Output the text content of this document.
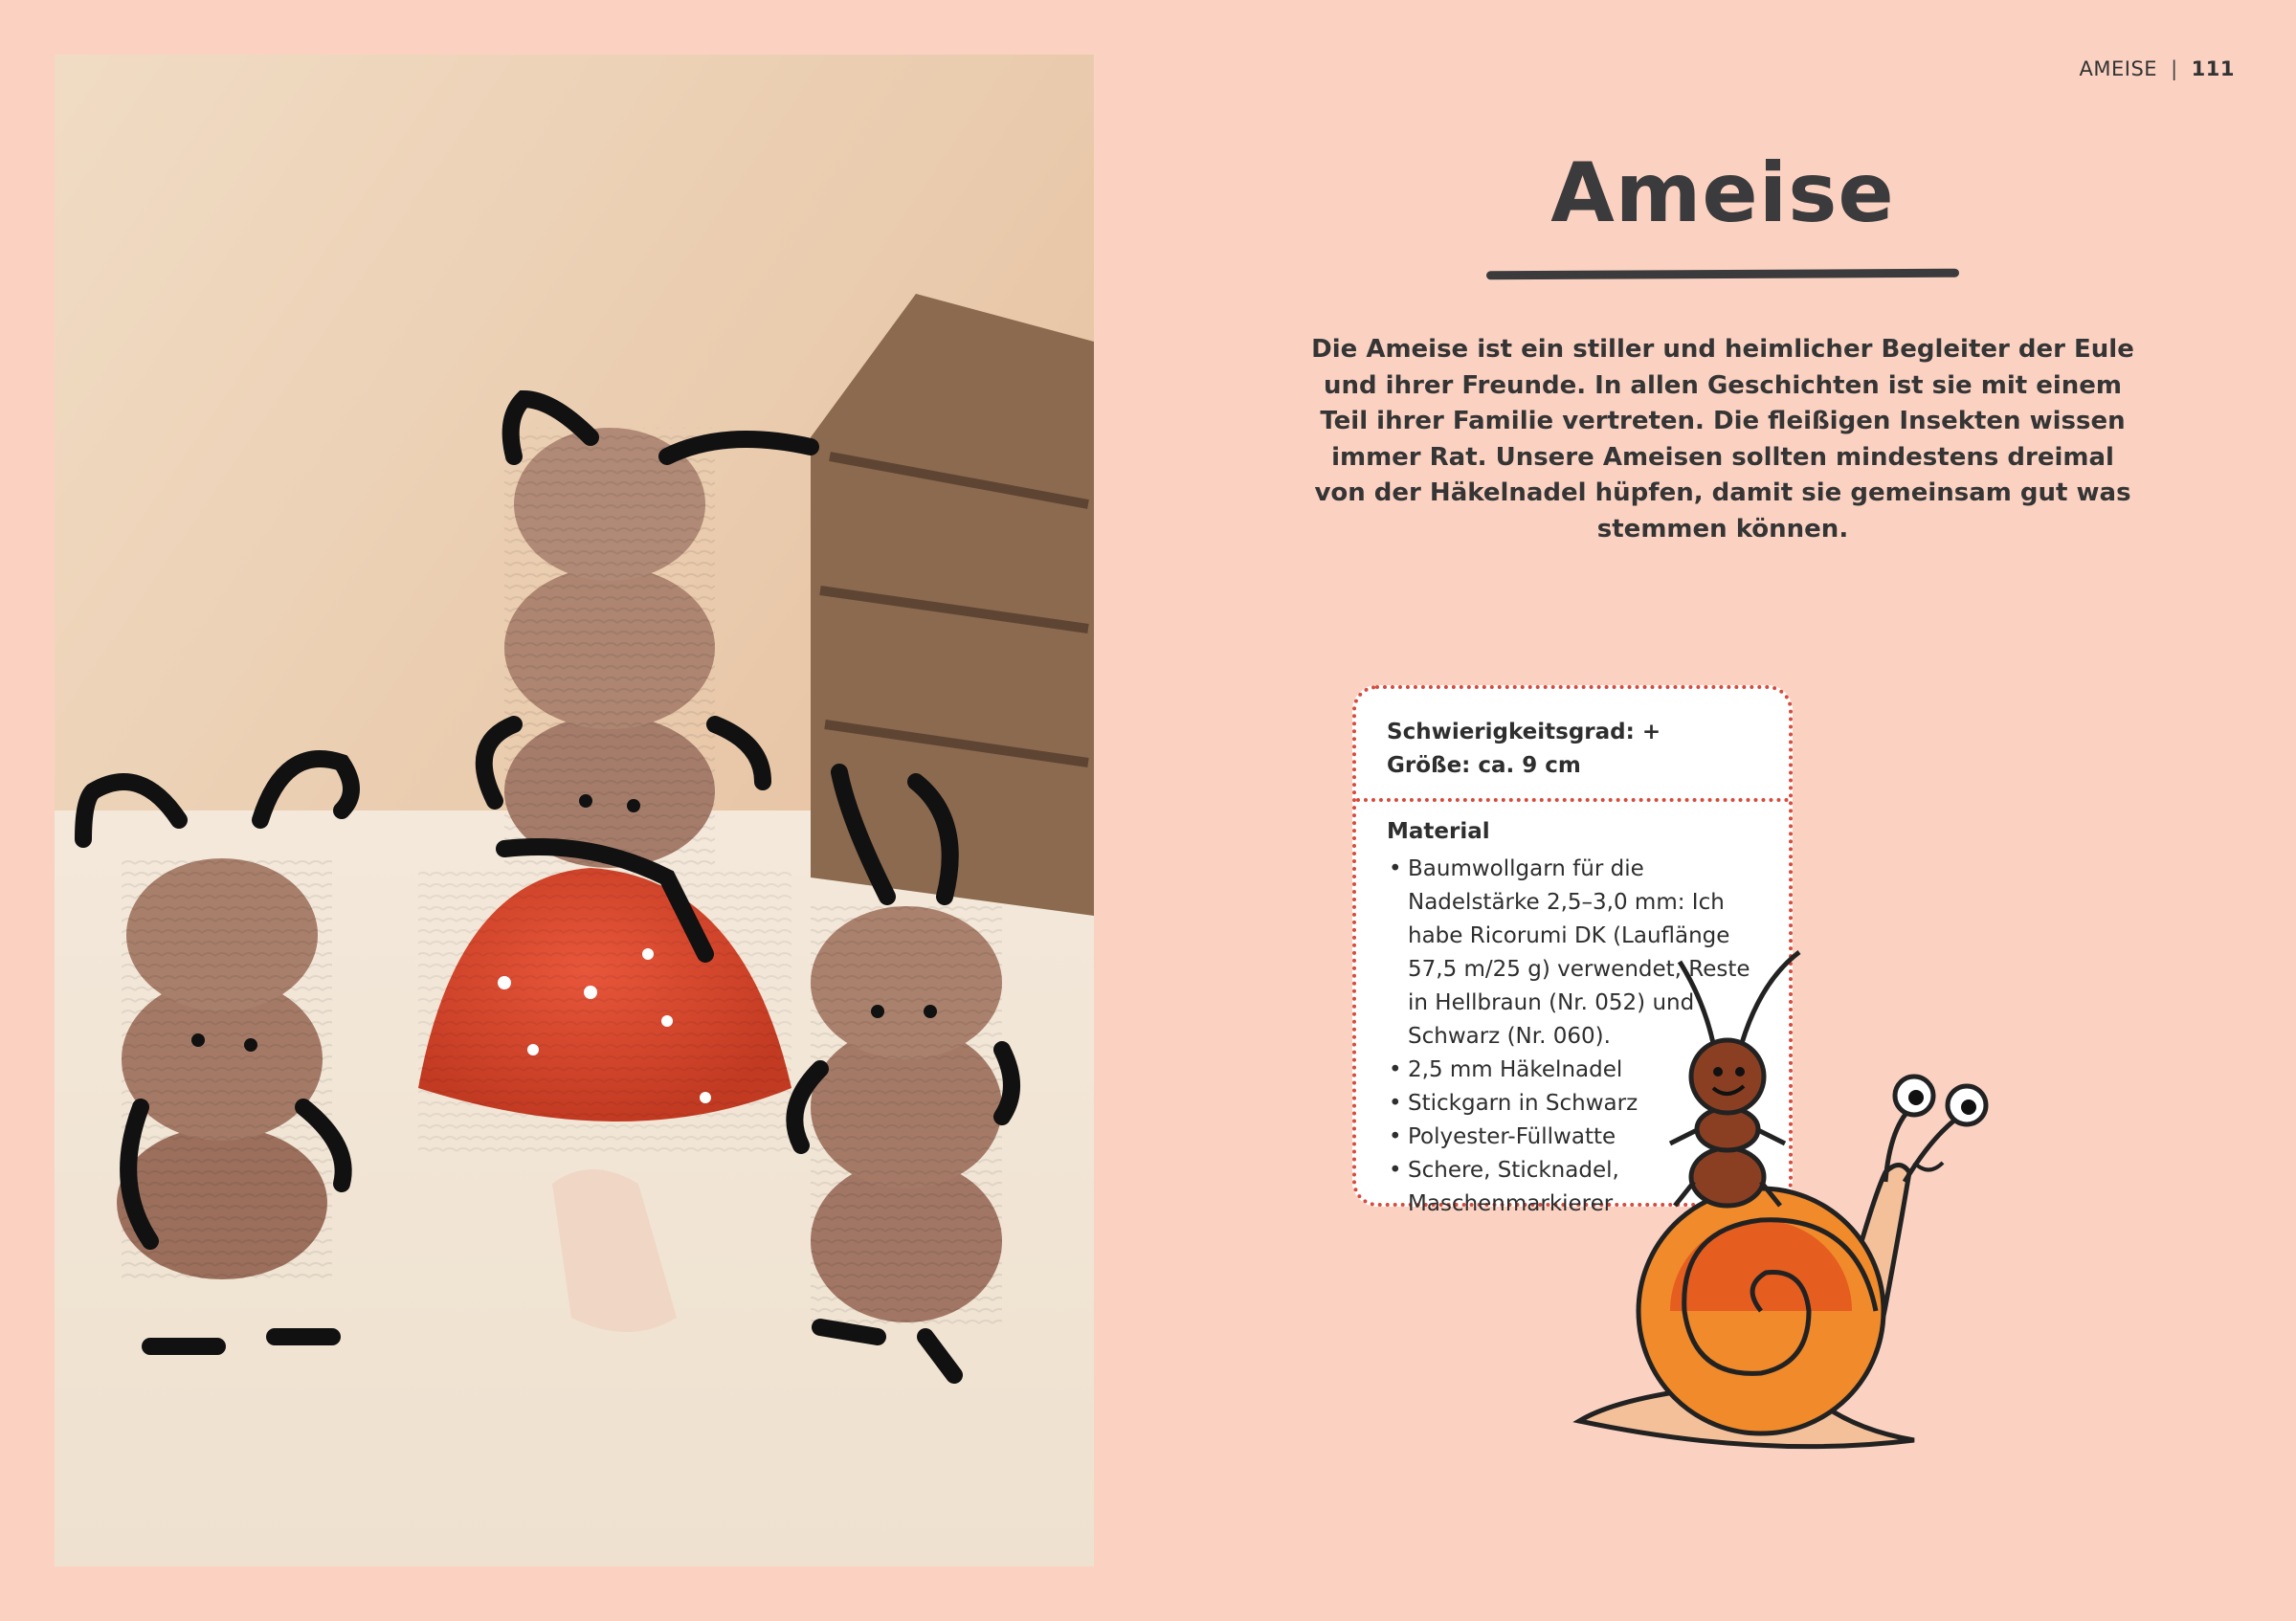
AMEISE | 111
Ameise

Die Ameise ist ein stiller und heimlicher Begleiter der Eule und ihrer Freunde. In allen Geschichten ist sie mit einem Teil ihrer Familie vertreten. Die fleißigen Insekten wissen immer Rat. Unsere Ameisen sollten mindestens dreimal von der Häkelnadel hüpfen, damit sie gemeinsam gut was stemmen können.

Schwierigkeitsgrad: +
Größe: ca. 9 cm
Material
• Baumwollgarn für die Nadelstärke 2,5–3,0 mm: Ich habe Ricorumi DK (Lauflänge 57,5 m/25 g) verwendet, Reste in Hellbraun (Nr. 052) und Schwarz (Nr. 060).
• 2,5 mm Häkelnadel
• Stickgarn in Schwarz
• Polyester-Füllwatte
• Schere, Sticknadel, Maschenmarkierer
